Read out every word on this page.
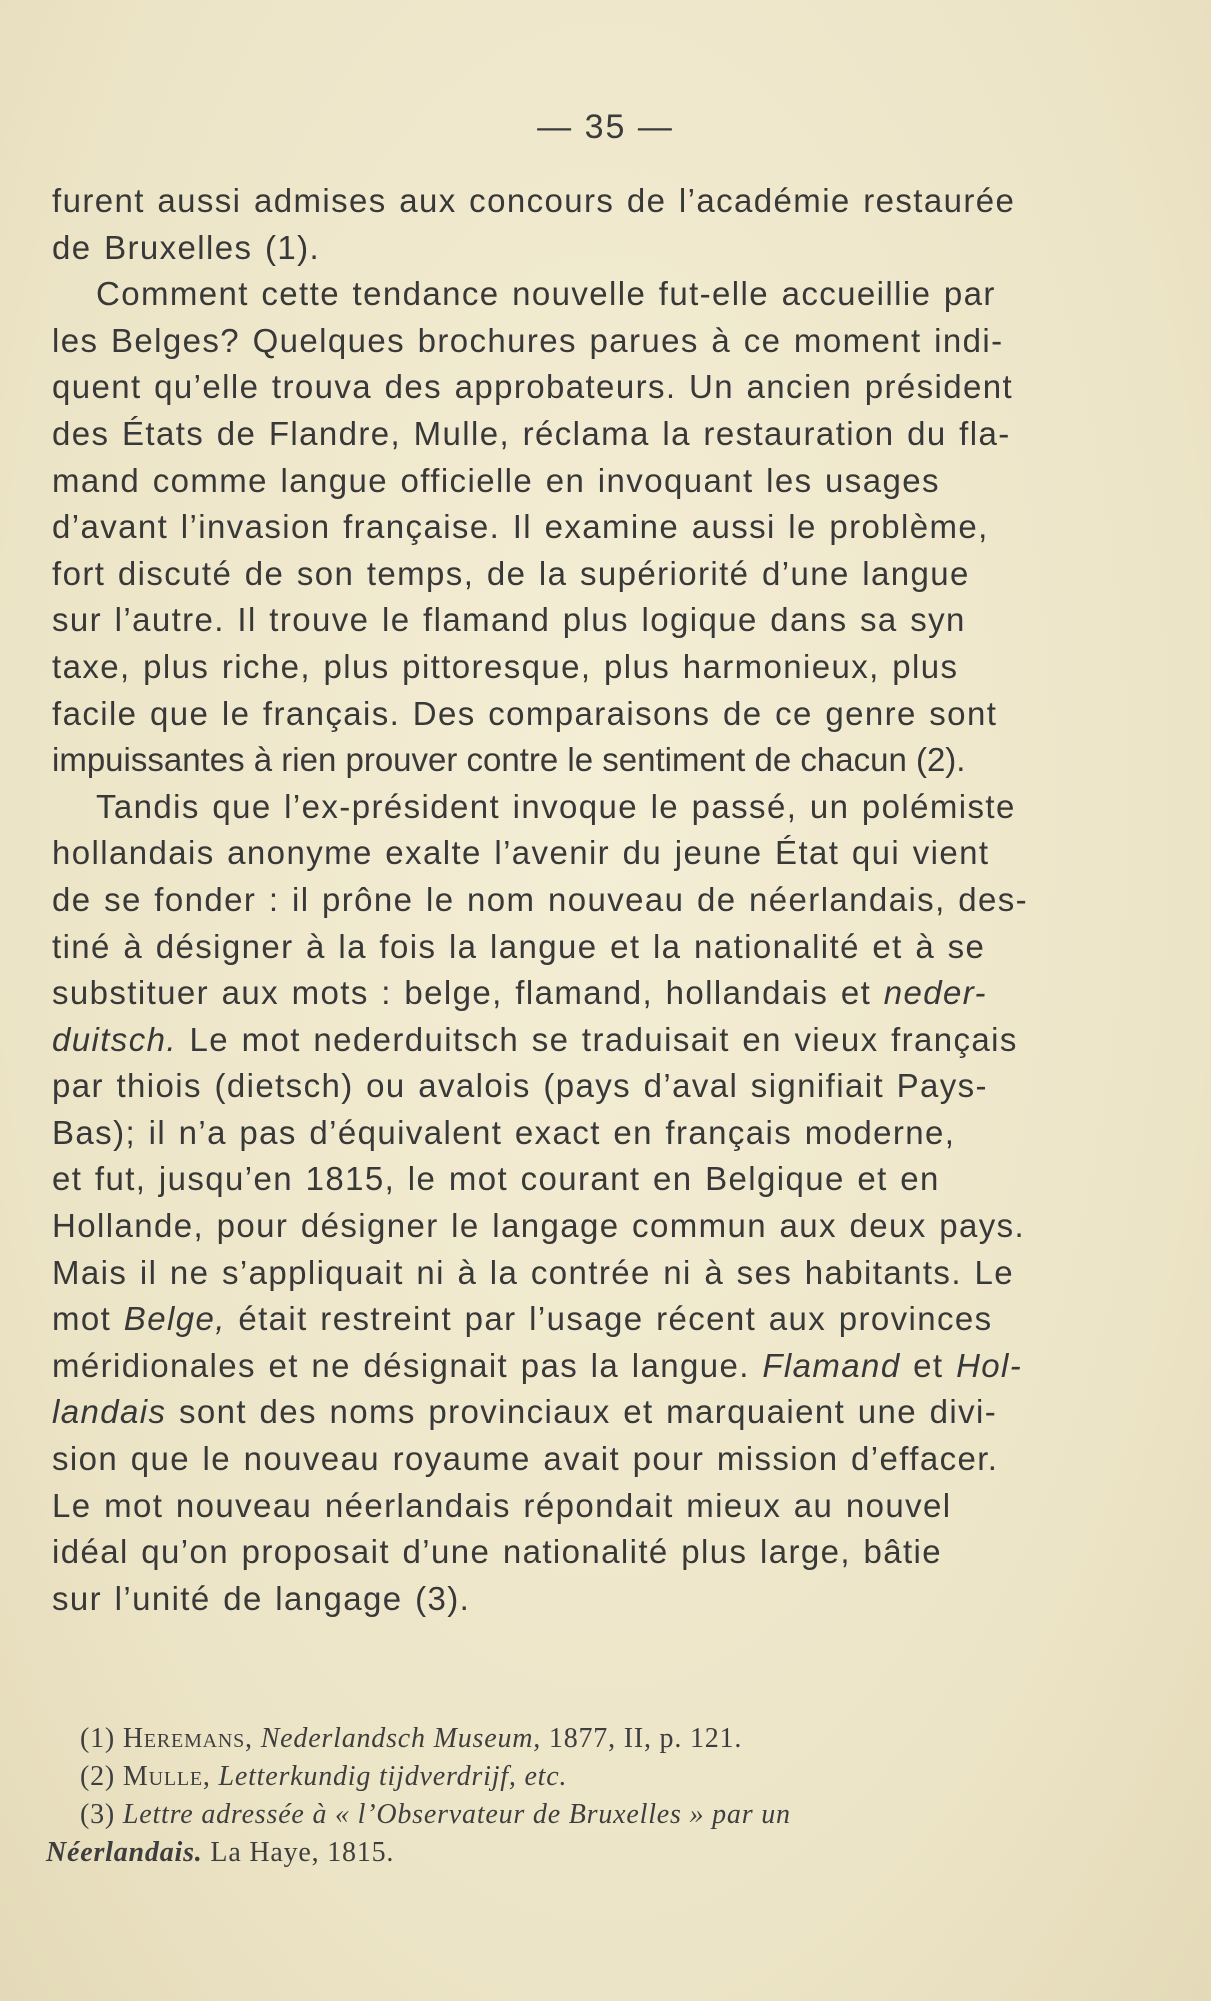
— 35 —
furent aussi admises aux concours de l’académie restaurée
de Bruxelles (1).
Comment cette tendance nouvelle fut-elle accueillie par
les Belges? Quelques brochures parues à ce moment indi-
quent qu’elle trouva des approbateurs. Un ancien président
des États de Flandre, Mulle, réclama la restauration du fla-
mand comme langue officielle en invoquant les usages
d’avant l’invasion française. Il examine aussi le problème,
fort discuté de son temps, de la supériorité d’une langue
sur l’autre. Il trouve le flamand plus logique dans sa syn
taxe, plus riche, plus pittoresque, plus harmonieux, plus
facile que le français. Des comparaisons de ce genre sont
impuissantes à rien prouver contre le sentiment de chacun (2).
Tandis que l’ex-président invoque le passé, un polémiste
hollandais anonyme exalte l’avenir du jeune État qui vient
de se fonder : il prône le nom nouveau de néerlandais, des-
tiné à désigner à la fois la langue et la nationalité et à se
substituer aux mots : belge, flamand, hollandais et neder-
duitsch. Le mot nederduitsch se traduisait en vieux français
par thiois (dietsch) ou avalois (pays d’aval signifiait Pays-
Bas); il n’a pas d’équivalent exact en français moderne,
et fut, jusqu’en 1815, le mot courant en Belgique et en
Hollande, pour désigner le langage commun aux deux pays.
Mais il ne s’appliquait ni à la contrée ni à ses habitants. Le
mot Belge, était restreint par l’usage récent aux provinces
méridionales et ne désignait pas la langue. Flamand et Hol-
landais sont des noms provinciaux et marquaient une divi-
sion que le nouveau royaume avait pour mission d’effacer.
Le mot nouveau néerlandais répondait mieux au nouvel
idéal qu’on proposait d’une nationalité plus large, bâtie
sur l’unité de langage (3).
(1) Heremans, Nederlandsch Museum, 1877, II, p. 121.
(2) Mulle, Letterkundig tijdverdrijf, etc.
(3) Lettre adressée à « l’Observateur de Bruxelles » par un
Néerlandais. La Haye, 1815.
